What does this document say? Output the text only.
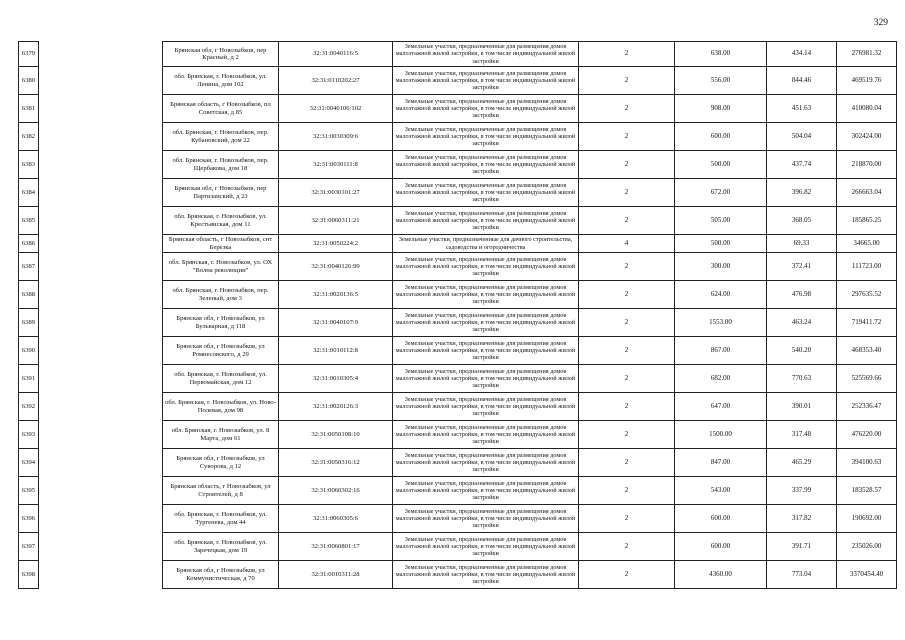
329
6379		Брянская обл, г Новозыбков, пер Красный, д 2	32:31:0040116:5	Земельные участки, предназначенные для размещения домов малоэтажной жилой застройки, в том числе индивидуальной жилой застройки	2	638.00	434.14	276981.32
6380		обл. Брянская, г. Новозыбков, ул. Ленина, дом 102	32:31:0110202:27	Земельные участки, предназначенные для размещения домов малоэтажной жилой застройки, в том числе индивидуальной жилой застройки	2	556.00	844.46	469519.76
6381		Брянская область, г Новозыбков, пл Советская, д 85	32:31:0040106:102	Земельные участки, предназначенные для размещения домов малоэтажной жилой застройки, в том числе индивидуальной жилой застройки	2	908.00	451.63	410080.04
6382		обл. Брянская, г. Новозыбков, пер. Кубановский, дом 22	32:31:0030309:6	Земельные участки, предназначенные для размещения домов малоэтажной жилой застройки, в том числе индивидуальной жилой застройки	2	600.00	504.04	302424.00
6383		обл. Брянская, г. Новозыбков, пер. Щербакова, дом 18	32:31:0030111:8	Земельные участки, предназначенные для размещения домов малоэтажной жилой застройки, в том числе индивидуальной жилой застройки	2	500.00	437.74	218870.00
6384		Брянская обл, г Новозыбков, пер Партизанский, д 23	32:31:0030101:27	Земельные участки, предназначенные для размещения домов малоэтажной жилой застройки, в том числе индивидуальной жилой застройки	2	672.00	396.82	266663.04
6385		обл. Брянская, г. Новозыбков, ул. Крестьянская, дом 11	32:31:0060311:21	Земельные участки, предназначенные для размещения домов малоэтажной жилой застройки, в том числе индивидуальной жилой застройки	2	505.00	368.05	185865.25
6386		Брянская область, г Новозыбков, снт Березка	32:31:0050224:2	Земельные участки, предназначенные для дачного строительства, садоводства и огородничества	4	500.00	69.33	34665.00
6387		обл. Брянская, г. Новозыбков, ул. ОХ "Волна революции"	32:31:0040126:99	Земельные участки, предназначенные для размещения домов малоэтажной жилой застройки, в том числе индивидуальной жилой застройки	2	300.00	372.41	111723.00
6388		обл. Брянская, г. Новозыбков, пер. Зеленый, дом 3	32:31:0020136:5	Земельные участки, предназначенные для размещения домов малоэтажной жилой застройки, в том числе индивидуальной жилой застройки	2	624.00	476.98	297635.52
6389		Брянская обл, г Новозыбков, ул Бульварная, д 118	32:31:0040107:9	Земельные участки, предназначенные для размещения домов малоэтажной жилой застройки, в том числе индивидуальной жилой застройки	2	1553.00	463.24	719411.72
6390		Брянская обл, г Новозыбков, ул Ромнесовского, д 29	32:31:0010112:8	Земельные участки, предназначенные для размещения домов малоэтажной жилой застройки, в том числе индивидуальной жилой застройки	2	867.00	540.20	468353.40
6391		обл. Брянская, г. Новозыбков, ул. Первомайская, дом 12	32:31:0010305:4	Земельные участки, предназначенные для размещения домов малоэтажной жилой застройки, в том числе индивидуальной жилой застройки	2	682.00	770.63	525569.66
6392		обл. Брянская, г. Новозыбков, ул. Ново-Полевая, дом 98	32:31:0020126:3	Земельные участки, предназначенные для размещения домов малоэтажной жилой застройки, в том числе индивидуальной жилой застройки	2	647.00	390.01	252336.47
6393		обл. Брянская, г. Новозыбков, ул. 8 Марта, дом 61	32:31:0050108:10	Земельные участки, предназначенные для размещения домов малоэтажной жилой застройки, в том числе индивидуальной жилой застройки	2	1500.00	317.48	476220.00
6394		Брянская обл, г Новозыбков, ул Суворова, д 12	32:31:0050316:12	Земельные участки, предназначенные для размещения домов малоэтажной жилой застройки, в том числе индивидуальной жилой застройки	2	847.00	465.29	394100.63
6395		Брянская область, г Новозыбков, ул Строителей, д 8	32:31:0060302:16	Земельные участки, предназначенные для размещения домов малоэтажной жилой застройки, в том числе индивидуальной жилой застройки	2	543.00	337.99	183528.57
6396		обл. Брянская, г. Новозыбков, ул. Тургенева, дом 44	32:31:0060305:6	Земельные участки, предназначенные для размещения домов малоэтажной жилой застройки, в том числе индивидуальной жилой застройки	2	600.00	317.82	190692.00
6397		обл. Брянская, г. Новозыбков, ул. Заречецкая, дом 19	32:31:0060801:17	Земельные участки, предназначенные для размещения домов малоэтажной жилой застройки, в том числе индивидуальной жилой застройки	2	600.00	391.71	235026.00
6398		Брянская обл, г Новозыбков, ул Коммунистическая, д 70	32:31:0010311:28	Земельные участки, предназначенные для размещения домов малоэтажной жилой застройки, в том числе индивидуальной жилой застройки	2	4360.00	773.04	3370454.40
